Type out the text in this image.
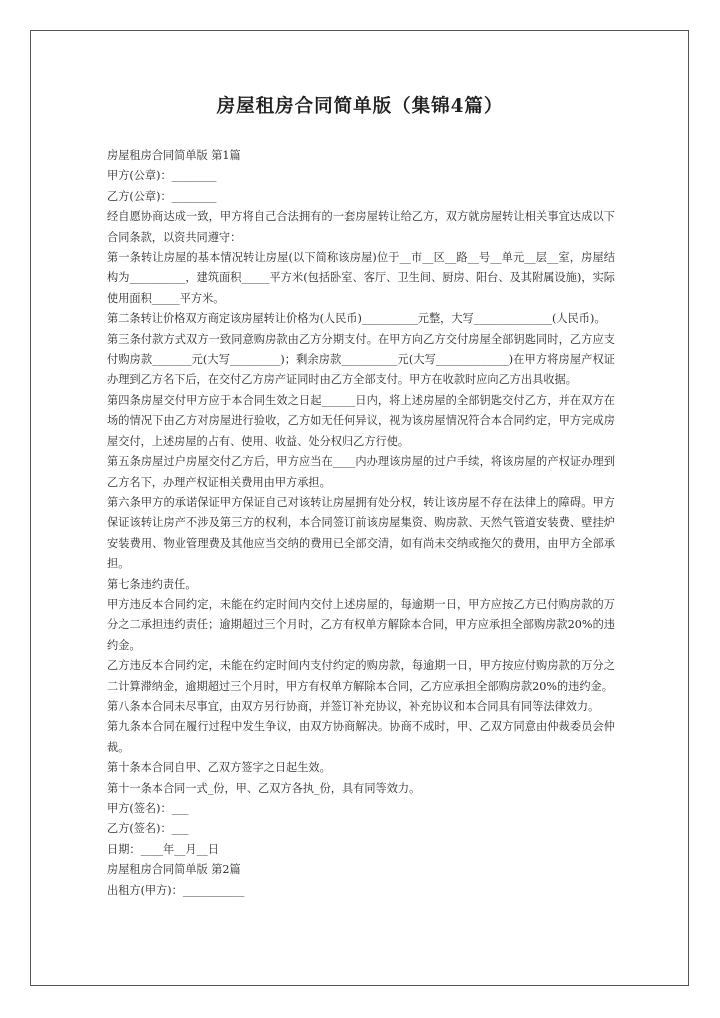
房屋租房合同简单版（集锦4篇）

房屋租房合同简单版 第1篇

甲方(公章)：________

乙方(公章)：________

经自愿协商达成一致，甲方将自己合法拥有的一套房屋转让给乙方，双方就房屋转让相关事宜达成以下合同条款，以资共同遵守：

第一条转让房屋的基本情况转让房屋(以下简称该房屋)位于__市__区__路__号__单元__层__室，房屋结构为__________，建筑面积_____平方米(包括卧室、客厅、卫生间、厨房、阳台、及其附属设施)，实际使用面积_____平方米。

第二条转让价格双方商定该房屋转让价格为(人民币)__________元整，大写______________(人民币)。

第三条付款方式双方一致同意购房款由乙方分期支付。在甲方向乙方交付房屋全部钥匙同时，乙方应支付购房款_______元(大写_________)；剩余房款__________元(大写_____________)在甲方将房屋产权证办理到乙方名下后，在交付乙方房产证同时由乙方全部支付。甲方在收款时应向乙方出具收据。

第四条房屋交付甲方应于本合同生效之日起______日内，将上述房屋的全部钥匙交付乙方，并在双方在场的情况下由乙方对房屋进行验收，乙方如无任何异议，视为该房屋情况符合本合同约定，甲方完成房屋交付，上述房屋的占有、使用、收益、处分权归乙方行使。

第五条房屋过户房屋交付乙方后，甲方应当在____内办理该房屋的过户手续，将该房屋的产权证办理到乙方名下，办理产权证相关费用由甲方承担。

第六条甲方的承诺保证甲方保证自己对该转让房屋拥有处分权，转让该房屋不存在法律上的障碍。甲方保证该转让房产不涉及第三方的权利，本合同签订前该房屋集资、购房款、天然气管道安装费、壁挂炉安装费用、物业管理费及其他应当交纳的费用已全部交清，如有尚未交纳或拖欠的费用，由甲方全部承担。

第七条违约责任。

甲方违反本合同约定，未能在约定时间内交付上述房屋的，每逾期一日，甲方应按乙方已付购房款的万分之二承担违约责任；逾期超过三个月时，乙方有权单方解除本合同，甲方应承担全部购房款20%的违约金。

乙方违反本合同约定，未能在约定时间内支付约定的购房款，每逾期一日，甲方按应付购房款的万分之二计算滞纳金，逾期超过三个月时，甲方有权单方解除本合同，乙方应承担全部购房款20%的违约金。

第八条本合同未尽事宜，由双方另行协商，并签订补充协议，补充协议和本合同具有同等法律效力。

第九条本合同在履行过程中发生争议，由双方协商解决。协商不成时，甲、乙双方同意由仲裁委员会仲裁。

第十条本合同自甲、乙双方签字之日起生效。

第十一条本合同一式_份，甲、乙双方各执_份，具有同等效力。

甲方(签名)：___

乙方(签名)：___

日期：____年__月__日

房屋租房合同简单版 第2篇

出租方(甲方)：___________
